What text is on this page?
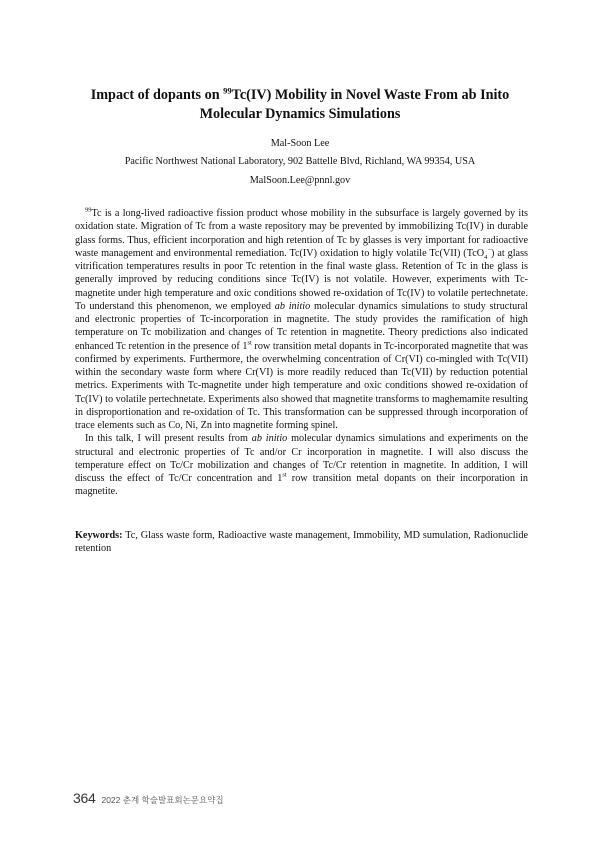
Impact of dopants on $^{99}$Tc(IV) Mobility in Novel Waste From ab Inito Molecular Dynamics Simulations
Mal-Soon Lee
Pacific Northwest National Laboratory, 902 Battelle Blvd, Richland, WA 99354, USA
MalSoon.Lee@pnnl.gov

$^{99}$Tc is a long-lived radioactive fission product whose mobility in the subsurface is largely governed by its oxidation state. Migration of Tc from a waste repository may be prevented by immobilizing Tc(IV) in durable glass forms. Thus, efficient incorporation and high retention of Tc by glasses is very important for radioactive waste management and environmental remediation. Tc(IV) oxidation to higly volatile Tc(VII) (TcO$_4$−) at glass vitrification temperatures results in poor Tc retention in the final waste glass. Retention of Tc in the glass is generally improved by reducing conditions since Tc(IV) is not volatile. However, experiments with Tc-magnetite under high temperature and oxic conditions showed re-oxidation of Tc(IV) to volatile pertechnetate. To understand this phenomenon, we employed ab initio molecular dynamics simulations to study structural and electronic properties of Tc-incorporation in magnetite. The study provides the ramification of high temperature on Tc mobilization and changes of Tc retention in magnetite. Theory predictions also indicated enhanced Tc retention in the presence of 1st row transition metal dopants in Tc-incorporated magnetite that was confirmed by experiments. Furthermore, the overwhelming concentration of Cr(VI) co-mingled with Tc(VII) within the secondary waste form where Cr(VI) is more readily reduced than Tc(VII) by reduction potential metrics. Experiments with Tc-magnetite under high temperature and oxic conditions showed re-oxidation of Tc(IV) to volatile pertechnetate. Experiments also showed that magnetite transforms to maghemamite resulting in disproportionation and re-oxidation of Tc. This transformation can be suppressed through incorporation of trace elements such as Co, Ni, Zn into magnetite forming spinel.

In this talk, I will present results from ab initio molecular dynamics simulations and experiments on the structural and electronic properties of Tc and/or Cr incorporation in magnetite. I will also discuss the temperature effect on Tc/Cr mobilization and changes of Tc/Cr retention in magnetite. In addition, I will discuss the effect of Tc/Cr concentration and 1st row transition metal dopants on their incorporation in magnetite.

Keywords: Tc, Glass waste form, Radioactive waste management, Immobility, MD sumulation, Radionuclide retention
364 2022 춘계 학술발표회논문요약집
